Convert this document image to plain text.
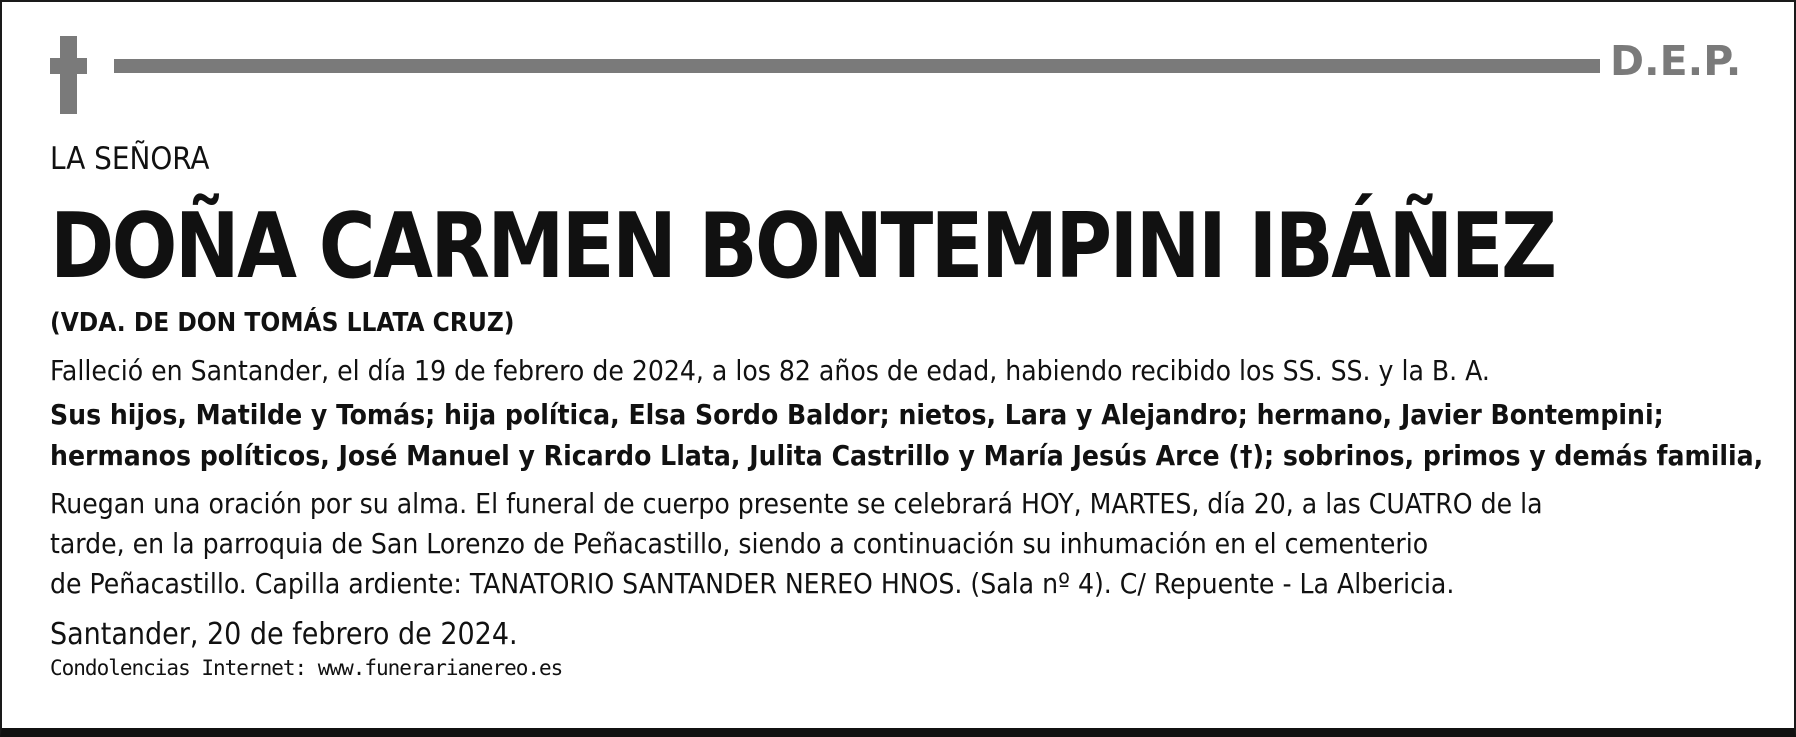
D.E.P.

LA SEÑORA

DOÑA CARMEN BONTEMPINI IBÁÑEZ

(VDA. DE DON TOMÁS LLATA CRUZ)

Falleció en Santander, el día 19 de febrero de 2024, a los 82 años de edad, habiendo recibido los SS. SS. y la B. A.

Sus hijos, Matilde y Tomás; hija política, Elsa Sordo Baldor; nietos, Lara y Alejandro; hermano, Javier Bontempini;

hermanos políticos, José Manuel y Ricardo Llata, Julita Castrillo y María Jesús Arce (†); sobrinos, primos y demás familia,

Ruegan una oración por su alma. El funeral de cuerpo presente se celebrará HOY, MARTES, día 20, a las CUATRO de la

tarde, en la parroquia de San Lorenzo de Peñacastillo, siendo a continuación su inhumación en el cementerio

de Peñacastillo. Capilla ardiente: TANATORIO SANTANDER NEREO HNOS. (Sala nº 4). C/ Repuente - La Albericia.

Santander, 20 de febrero de 2024.

Condolencias Internet: www.funerarianereo.es
